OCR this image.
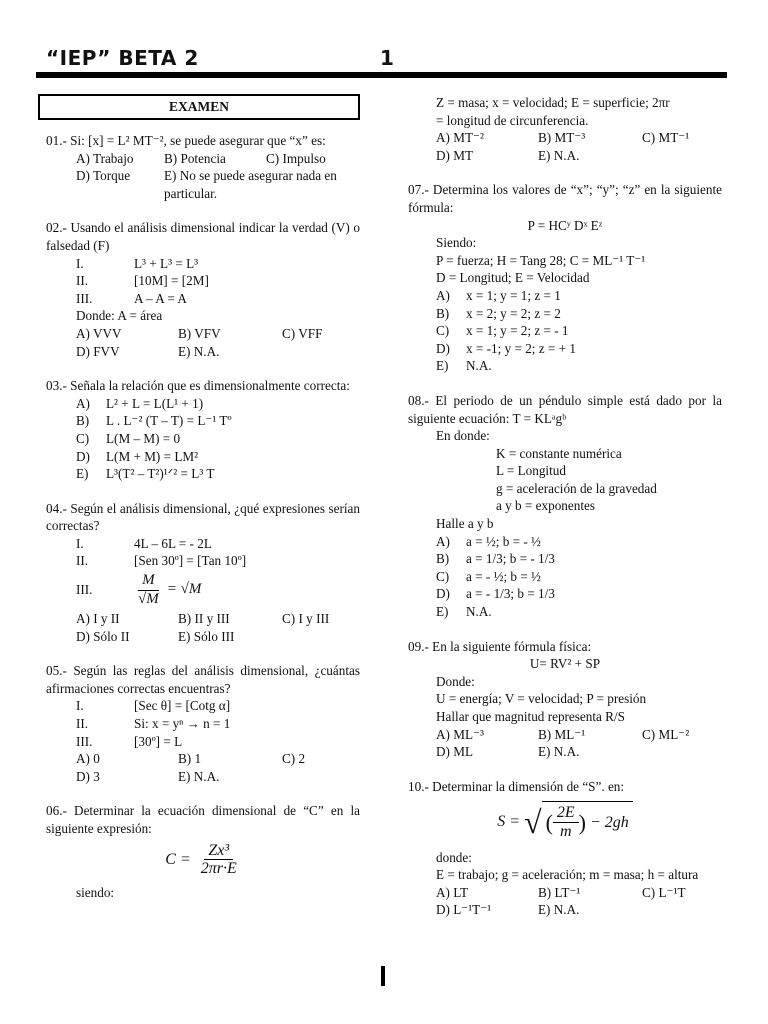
“IEP” BETA 2	1
EXAMEN
01.- Si: [x] = L² MT⁻², se puede asegurar que “x” es:
A) Trabajo	B) Potencia	C) Impulso
D) Torque	E) No se puede asegurar nada en particular.
02.- Usando el análisis dimensional indicar la verdad (V) o falsedad (F)
I.	L³ + L³ = L³
II.	[10M] = [2M]
III.	A – A = A
Donde: A = área
A) VVV	B) VFV	C) VFF
D) FVV	E) N.A.
03.- Señala la relación que es dimensionalmente correcta:
A) L² + L = L(L¹ + 1)
B) L . L⁻² (T – T) = L⁻¹ Tº
C) L(M – M) = 0
D) L(M + M) = LM²
E) L³(T² – T²)¹ᐟ² = L³ T
04.- Según el análisis dimensional, ¿qué expresiones serían correctas?
I.	4L – 6L = - 2L
II.	[Sen 30º] = [Tan 10º]
III.	$\frac{M}{√M} = √M$
A) I y II	B) II y III	C) I y III
D) Sólo II	E) Sólo III
05.- Según las reglas del análisis dimensional, ¿cuántas afirmaciones correctas encuentras?
I.	[Sec θ] = [Cotg α]
II.	Si: x = yⁿ → n = 1
III.	[30º] = L
A) 0	B) 1	C) 2
D) 3	E) N.A.
06.- Determinar la ecuación dimensional de “C” en la siguiente expresión:
$C = \frac{\text{Zx³}}{2\pi r\cdot E}$
siendo:
Z = masa; x = velocidad; E = superficie; 2πr
= longitud de circunferencia.
A) MT⁻²	B) MT⁻³	C) MT⁻¹
D) MT	E) N.A.
07.- Determina los valores de “x”; “y”; “z” en la siguiente fórmula:
P = HCʸ Dˣ Eᶻ
Siendo:
P = fuerza; H = Tang 28; C = ML⁻¹ T⁻¹
D = Longitud; E = Velocidad
A) x = 1; y = 1; z = 1
B) x = 2; y = 2; z = 2
C) x = 1; y = 2; z = - 1
D) x = -1; y = 2; z = + 1
E) N.A.
08.- El periodo de un péndulo simple está dado por la siguiente ecuación: T = KLᵃgᵇ
En donde:
K = constante numérica
L = Longitud
g = aceleración de la gravedad
a y b = exponentes
Halle a y b
A) a = ½; b = - ½
B) a = 1/3; b = - 1/3
C) a = - ½; b = ½
D) a = - 1/3; b = 1/3
E) N.A.
09.- En la siguiente fórmula física:
U= RV² + SP
Donde:
U = energía; V = velocidad; P = presión
Hallar que magnitud representa R/S
A) ML⁻³	B) ML⁻¹	C) ML⁻²
D) ML	E) N.A.
10.- Determinar la dimensión de “S”. en:
S = √ ( $\frac{2E}{m}$ ) − 2gh
donde:
E = trabajo; g = aceleración; m = masa; h = altura
A) LT	B) LT⁻¹	C) L⁻¹T
D) L⁻¹T⁻¹	E) N.A.
